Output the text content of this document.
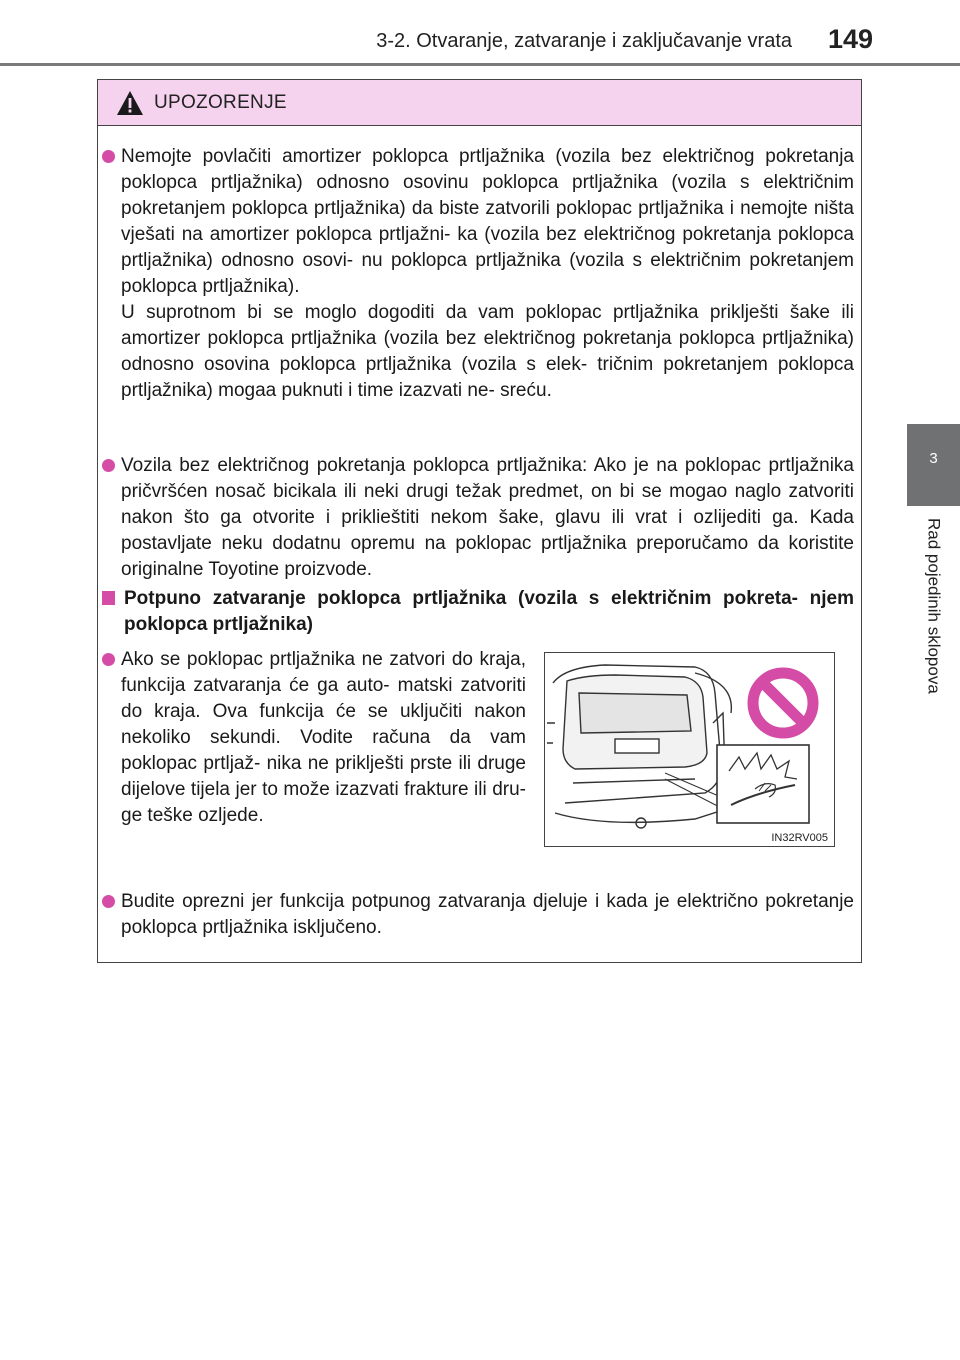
3-2. Otvaranje, zatvaranje i zaključavanje vrata 149
3
Rad pojedinih sklopova
UPOZORENJE

Nemojte povlačiti amortizer poklopca prtljažnika (vozila bez električnog pokretanja poklopca prtljažnika) odnosno osovinu poklopca prtljažnika (vozila s električnim pokretanjem poklopca prtljažnika) da biste zatvorili poklopac prtljažnika i nemojte ništa vješati na amortizer poklopca prtljažni- ka (vozila bez električnog pokretanja poklopca prtljažnika) odnosno osovi- nu poklopca prtljažnika (vozila s električnim pokretanjem poklopca prtljažnika).

U suprotnom bi se moglo dogoditi da vam poklopac prtljažnika priklješti šake ili amortizer poklopca prtljažnika (vozila bez električnog pokretanja poklopca prtljažnika) odnosno osovina poklopca prtljažnika (vozila s elek- tričnim pokretanjem poklopca prtljažnika) mogaa puknuti i time izazvati ne- sreću.

Vozila bez električnog pokretanja poklopca prtljažnika: Ako je na poklopac prtljažnika pričvršćen nosač bicikala ili neki drugi težak predmet, on bi se mogao naglo zatvoriti nakon što ga otvorite i priklieštiti nekom šake, glavu ili vrat i ozlijediti ga. Kada postavljate neku dodatnu opremu na poklopac prtljažnika preporučamo da koristite originalne Toyotine proizvode.

Potpuno zatvaranje poklopca prtljažnika (vozila s električnim pokreta- njem poklopca prtljažnika)
Ako se poklopac prtljažnika ne zatvori do kraja, funkcija zatvaranja će ga auto- matski zatvoriti do kraja. Ova funkcija će se uključiti nakon nekoliko sekundi. Vodite računa da vam poklopac prtljaž- nika ne priklješti prste ili druge dijelove tijela jer to može izazvati frakture ili dru- ge teške ozljede.
Budite oprezni jer funkcija potpunog zatvaranja djeluje i kada je električno pokretanje poklopca prtljažnika isključeno.
IN32RV005
